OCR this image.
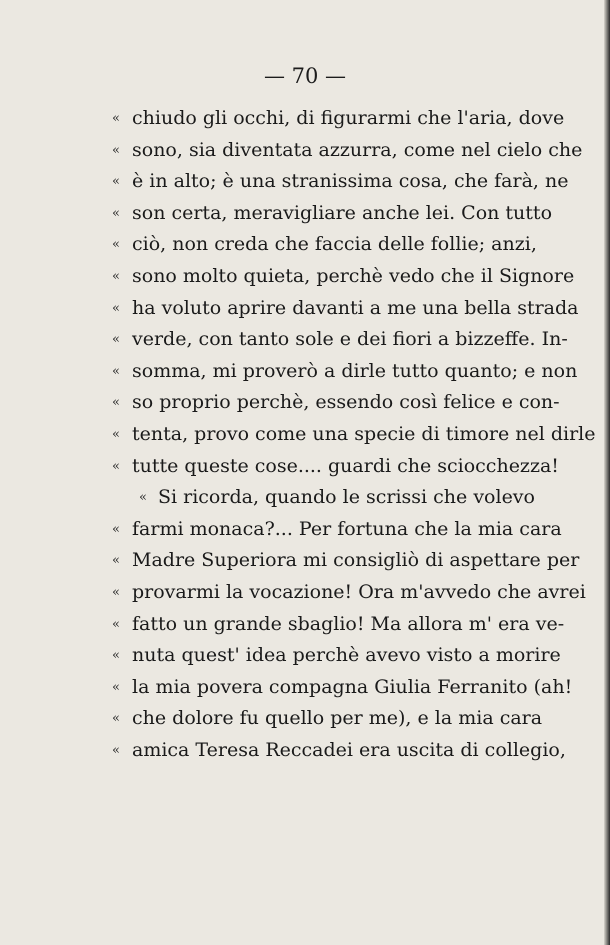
— 70 —

« chiudo gli occhi, di figurarmi che l'aria, dove
« sono, sia diventata azzurra, come nel cielo che
« è in alto; è una stranissima cosa, che farà, ne
« son certa, meravigliare anche lei. Con tutto
« ciò, non creda che faccia delle follie; anzi,
« sono molto quieta, perchè vedo che il Signore
« ha voluto aprire davanti a me una bella strada
« verde, con tanto sole e dei fiori a bizzeffe. In-
« somma, mi proverò a dirle tutto quanto; e non
« so proprio perchè, essendo così felice e con-
« tenta, provo come una specie di timore nel dirle
« tutte queste cose.... guardi che sciocchezza!
« Si ricorda, quando le scrissi che volevo
« farmi monaca?... Per fortuna che la mia cara
« Madre Superiora mi consigliò di aspettare per
« provarmi la vocazione! Ora m'avvedo che avrei
« fatto un grande sbaglio! Ma allora m' era ve-
« nuta quest' idea perchè avevo visto a morire
« la mia povera compagna Giulia Ferranito (ah!
« che dolore fu quello per me), e la mia cara
« amica Teresa Reccadei era uscita di collegio,
